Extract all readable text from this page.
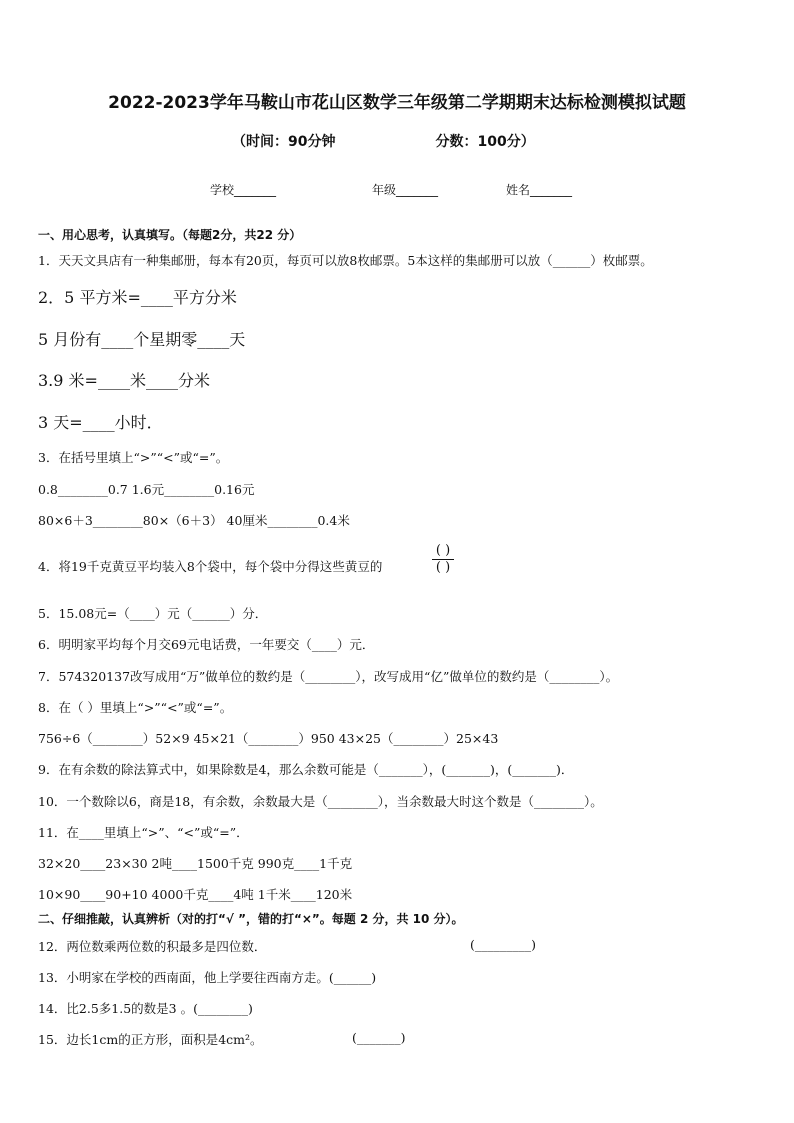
2022-2023学年马鞍山市花山区数学三年级第二学期期末达标检测模拟试题
（时间：90分钟	分数：100分）
学校_______	年级_______	姓名_______
一、用心思考，认真填写。（每题2分，共22 分）
1．天天文具店有一种集邮册，每本有20页，每页可以放8枚邮票。5本这样的集邮册可以放（______）枚邮票。
2．5 平方米=____平方分米
5 月份有____个星期零____天
3.9 米=____米____分米
3 天=____小时．
3．在括号里填上“>”“<”或“=”。
0.8________0.7 1.6元________0.16元
80×6＋3________80×（6＋3） 40厘米________0.4米
4．将19千克黄豆平均装入8个袋中，每个袋中分得这些黄豆的
( )
( )
5．15.08元=（____）元（______）分．
6．明明家平均每个月交69元电话费，一年要交（____）元．
7．574320137改写成用“万”做单位的数约是（________），改写成用“亿”做单位的数约是（________）。
8．在（ ）里填上“>”“<”或“=”。
756÷6（________）52×9 45×21（________）950 43×25（________）25×43
9．在有余数的除法算式中，如果除数是4，那么余数可能是（_______），(_______)，(_______)．
10．一个数除以6，商是18，有余数，余数最大是（________），当余数最大时这个数是（________）。
11．在____里填上“>”、“<”或“=”．
32×20____23×30 2吨____1500千克 990克____1千克
10×90____90+10 4000千克____4吨 1千米____120米
二、仔细推敲，认真辨析（对的打“√ ”，错的打“×”。每题 2 分，共 10 分）。
12．两位数乘两位数的积最多是四位数．	(_________)
13．小明家在学校的西南面，他上学要往西南方走。(______)
14．比2.5多1.5的数是3 。(________)
15．边长1cm的正方形，面积是4cm²。	(_______)
